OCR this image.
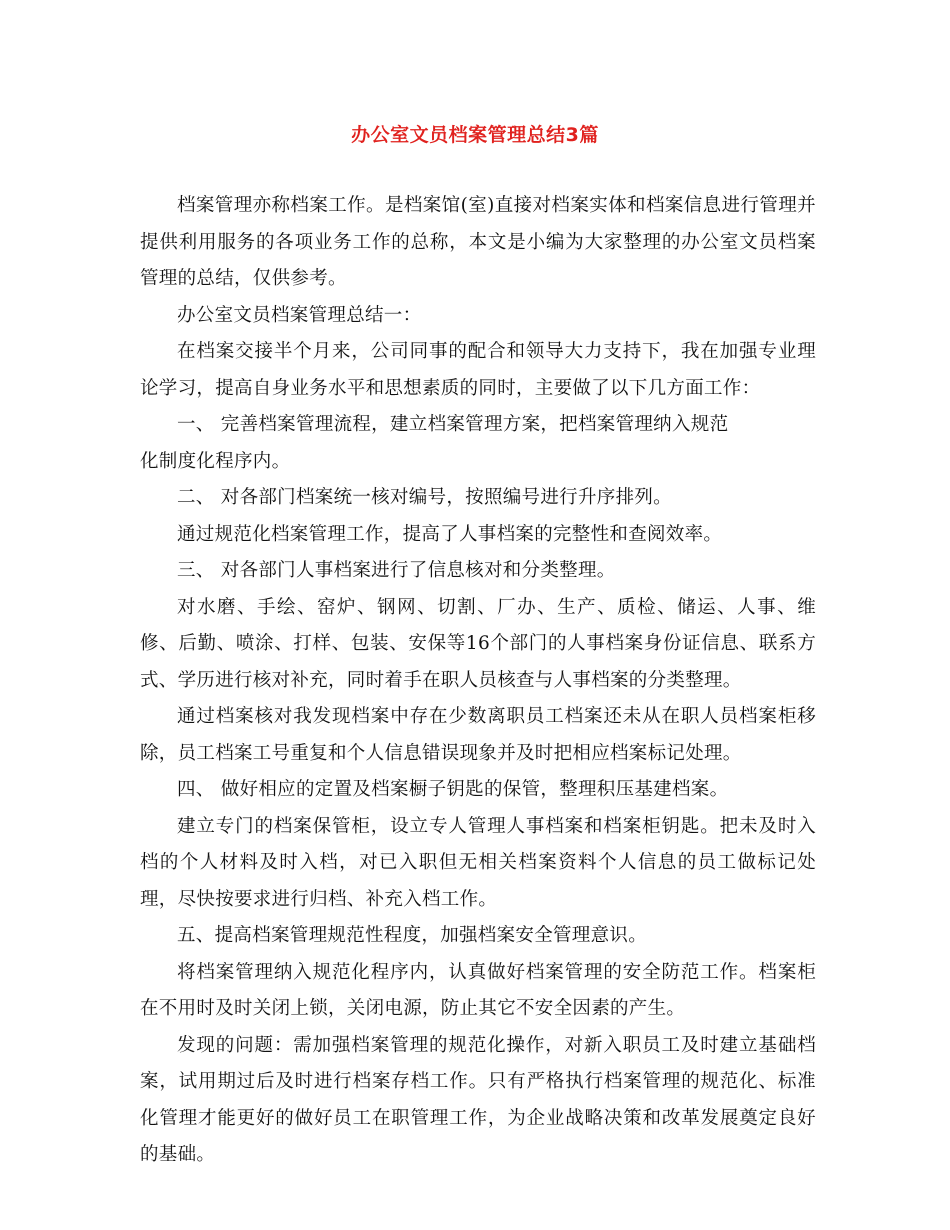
办公室文员档案管理总结3篇

档案管理亦称档案工作。是档案馆(室)直接对档案实体和档案信息进行管理并提供利用服务的各项业务工作的总称，本文是小编为大家整理的办公室文员档案管理的总结，仅供参考。

办公室文员档案管理总结一：

在档案交接半个月来，公司同事的配合和领导大力支持下，我在加强专业理论学习，提高自身业务水平和思想素质的同时，主要做了以下几方面工作：

一、 完善档案管理流程，建立档案管理方案，把档案管理纳入规范

化制度化程序内。

二、 对各部门档案统一核对编号，按照编号进行升序排列。

通过规范化档案管理工作，提高了人事档案的完整性和查阅效率。

三、 对各部门人事档案进行了信息核对和分类整理。

对水磨、手绘、窑炉、钢网、切割、厂办、生产、质检、储运、人事、维修、后勤、喷涂、打样、包装、安保等16个部门的人事档案身份证信息、联系方式、学历进行核对补充，同时着手在职人员核查与人事档案的分类整理。

通过档案核对我发现档案中存在少数离职员工档案还未从在职人员档案柜移除，员工档案工号重复和个人信息错误现象并及时把相应档案标记处理。

四、 做好相应的定置及档案橱子钥匙的保管，整理积压基建档案。

建立专门的档案保管柜，设立专人管理人事档案和档案柜钥匙。把未及时入档的个人材料及时入档，对已入职但无相关档案资料个人信息的员工做标记处理，尽快按要求进行归档、补充入档工作。

五、提高档案管理规范性程度，加强档案安全管理意识。

将档案管理纳入规范化程序内，认真做好档案管理的安全防范工作。档案柜在不用时及时关闭上锁，关闭电源，防止其它不安全因素的产生。

发现的问题：需加强档案管理的规范化操作，对新入职员工及时建立基础档案，试用期过后及时进行档案存档工作。只有严格执行档案管理的规范化、标准化管理才能更好的做好员工在职管理工作，为企业战略决策和改革发展奠定良好的基础。
